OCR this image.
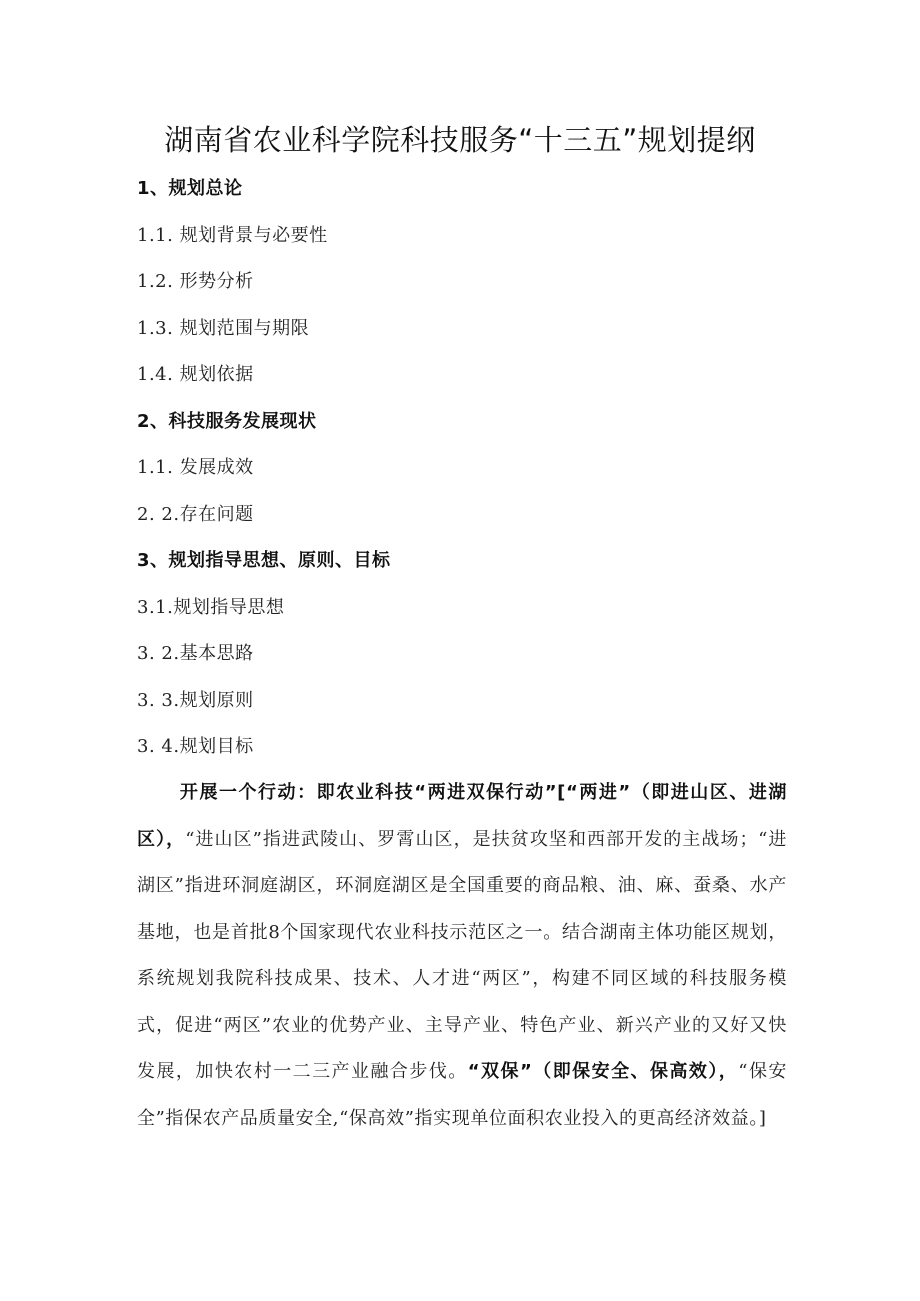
湖南省农业科学院科技服务“十三五”规划提纲
1、规划总论
1.1. 规划背景与必要性
1.2. 形势分析
1.3. 规划范围与期限
1.4. 规划依据
2、科技服务发展现状
1.1. 发展成效
2. 2.存在问题
3、规划指导思想、原则、目标
3.1.规划指导思想
3. 2.基本思路
3. 3.规划原则
3. 4.规划目标
开展一个行动：即农业科技“两进双保行动”[“两进”（即进山区、进湖区），“进山区”指进武陵山、罗霄山区，是扶贫攻坚和西部开发的主战场；“进湖区”指进环洞庭湖区，环洞庭湖区是全国重要的商品粮、油、麻、蚕桑、水产基地，也是首批8个国家现代农业科技示范区之一。结合湖南主体功能区规划，系统规划我院科技成果、技术、人才进“两区”，构建不同区域的科技服务模式，促进“两区”农业的优势产业、主导产业、特色产业、新兴产业的又好又快发展，加快农村一二三产业融合步伐。“双保”（即保安全、保高效），“保安全”指保农产品质量安全,“保高效”指实现单位面积农业投入的更高经济效益。]
